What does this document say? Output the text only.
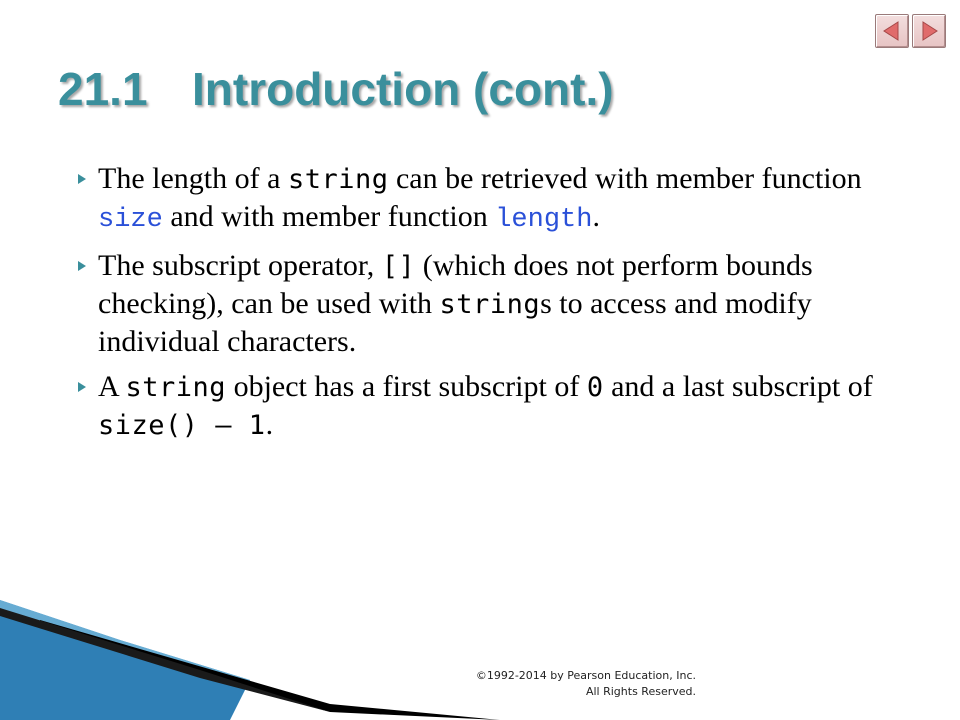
21.1 Introduction (cont.)
The length of a string can be retrieved with member function size and with member function length.
The subscript operator, [] (which does not perform bounds checking), can be used with strings to access and modify individual characters.
A string object has a first subscript of 0 and a last subscript of size() – 1.
©1992-2014 by Pearson Education, Inc.
All Rights Reserved.
